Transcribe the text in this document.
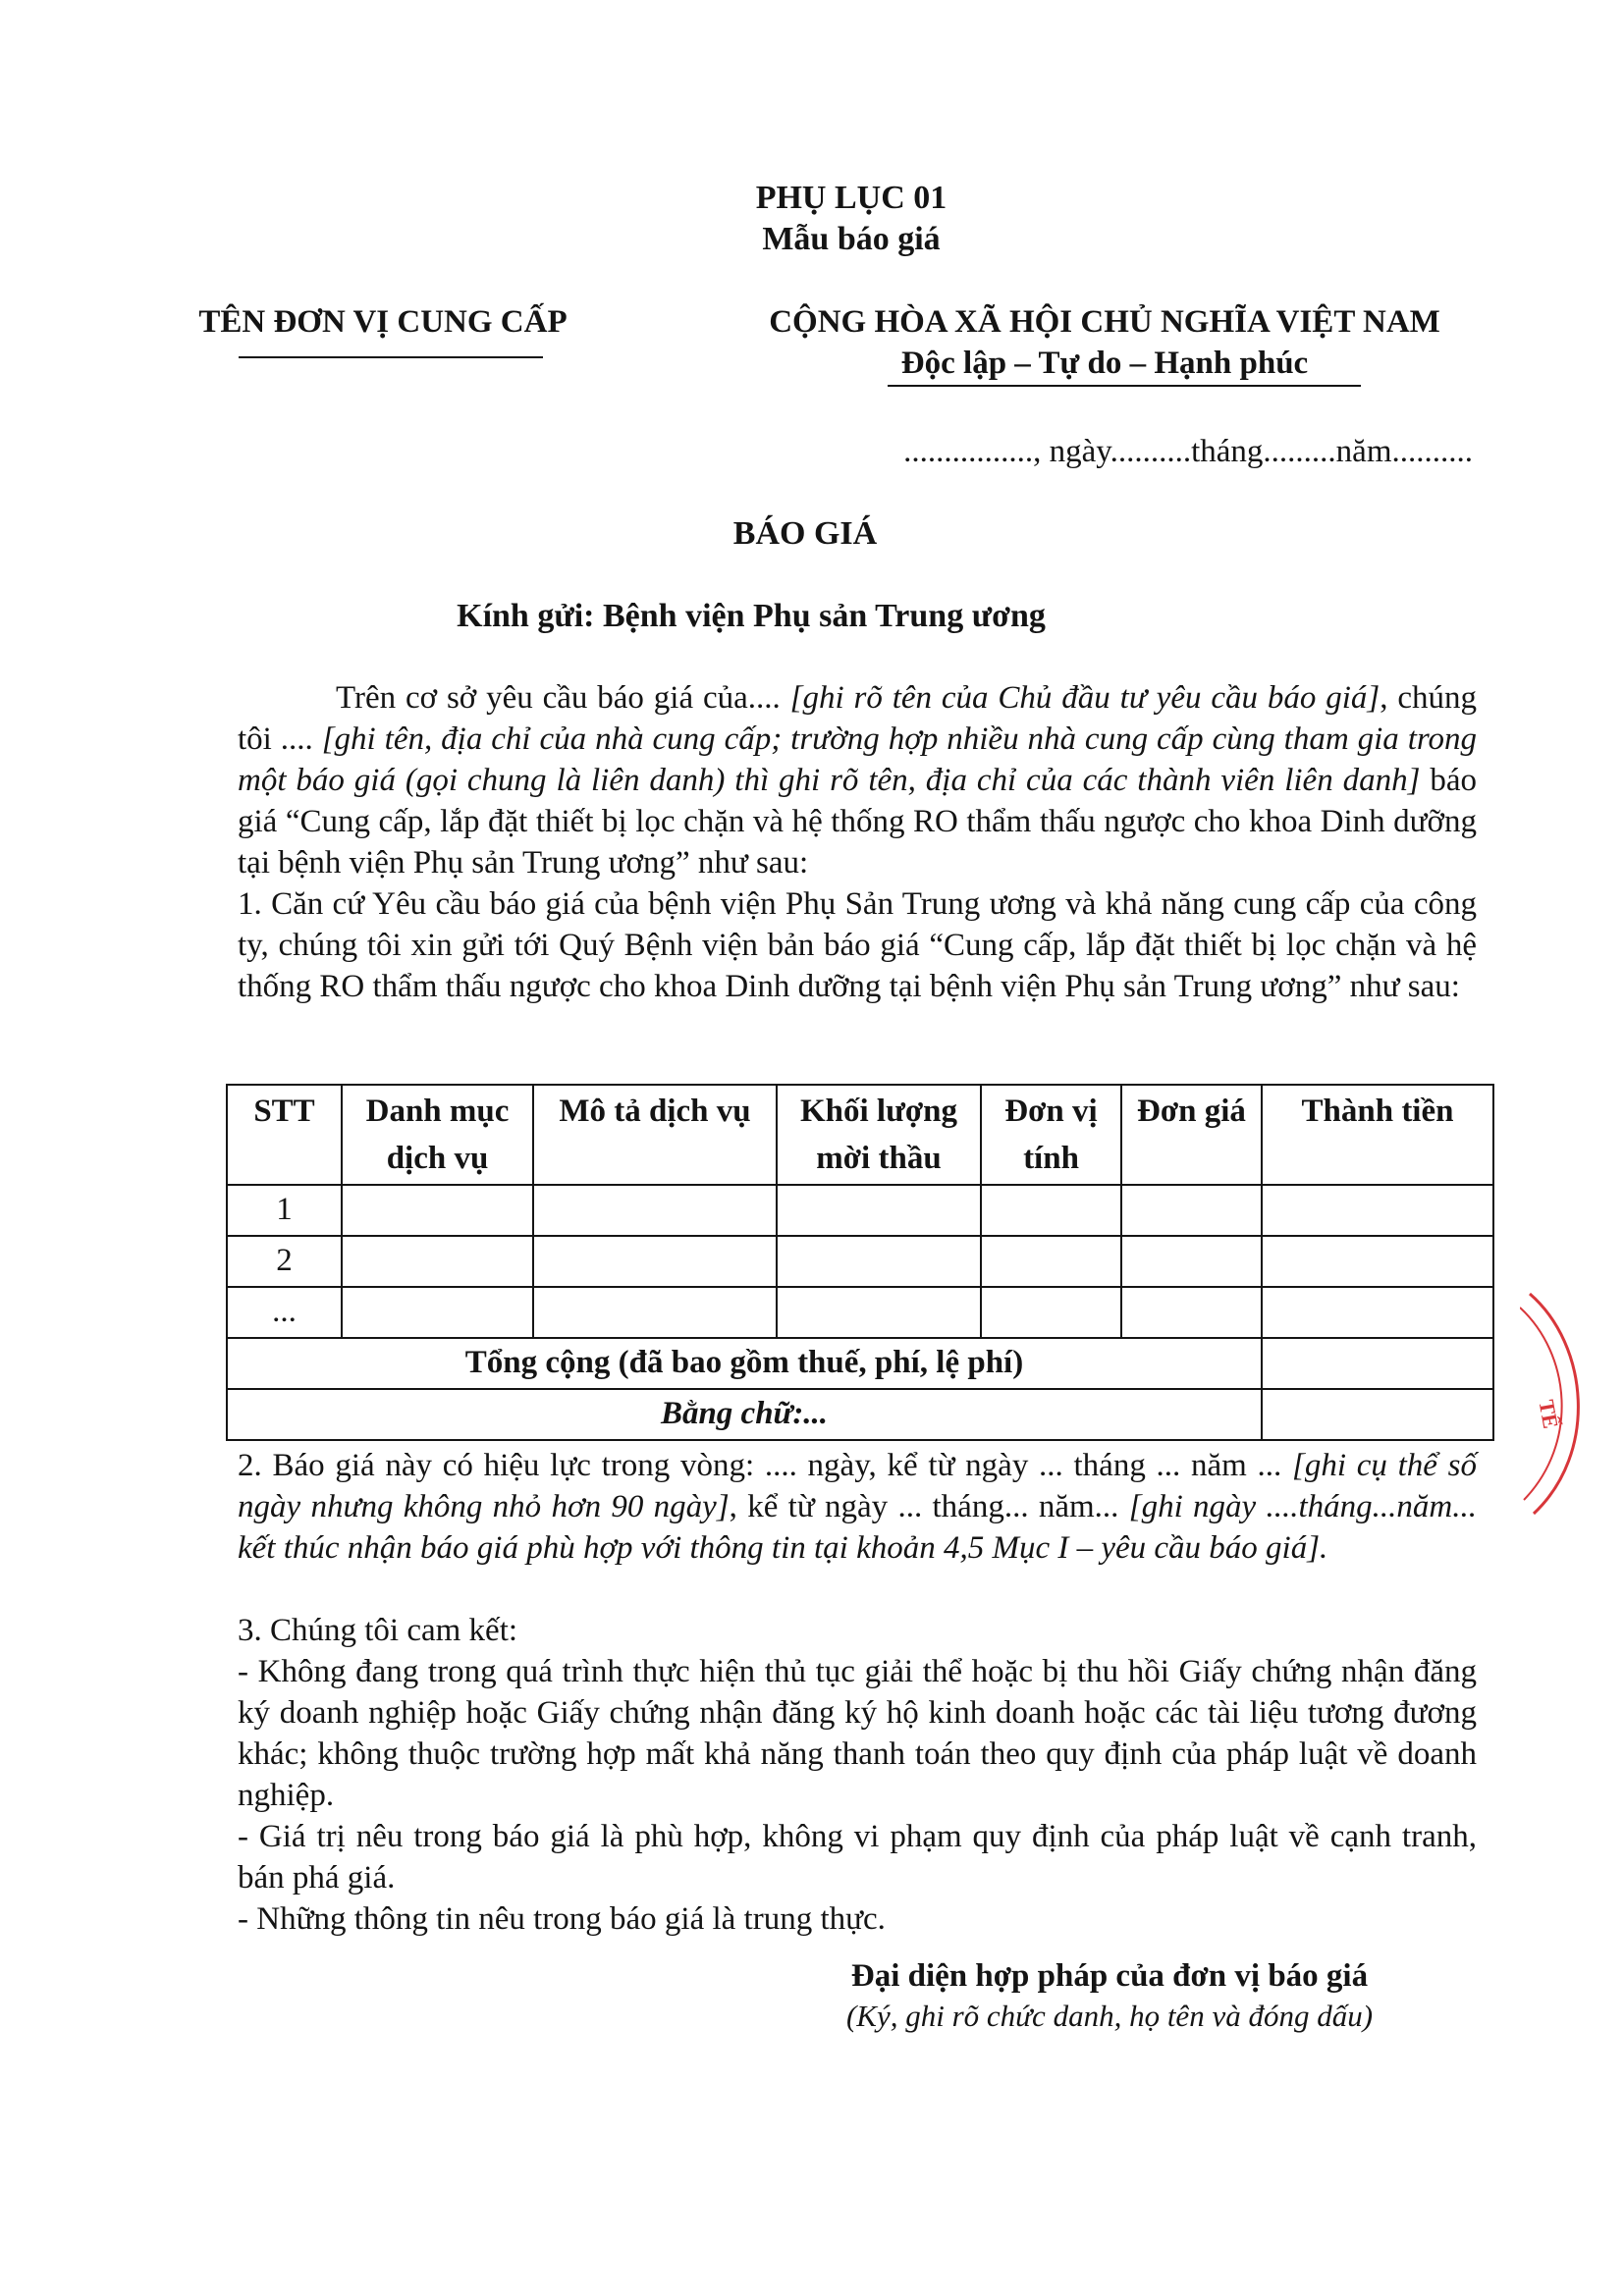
PHỤ LỤC 01
Mẫu báo giá
TÊN ĐƠN VỊ CUNG CẤP	CỘNG HÒA XÃ HỘI CHỦ NGHĨA VIỆT NAM
Độc lập – Tự do – Hạnh phúc
................, ngày..........tháng.........năm..........
BÁO GIÁ
Kính gửi: Bệnh viện Phụ sản Trung ương
Trên cơ sở yêu cầu báo giá của.... [ghi rõ tên của Chủ đầu tư yêu cầu báo giá], chúng tôi .... [ghi tên, địa chỉ của nhà cung cấp; trường hợp nhiều nhà cung cấp cùng tham gia trong một báo giá (gọi chung là liên danh) thì ghi rõ tên, địa chỉ của các thành viên liên danh] báo giá “Cung cấp, lắp đặt thiết bị lọc chặn và hệ thống RO thẩm thấu ngược cho khoa Dinh dưỡng tại bệnh viện Phụ sản Trung ương” như sau:
1. Căn cứ Yêu cầu báo giá của bệnh viện Phụ Sản Trung ương và khả năng cung cấp của công ty, chúng tôi xin gửi tới Quý Bệnh viện bản báo giá “Cung cấp, lắp đặt thiết bị lọc chặn và hệ thống RO thẩm thấu ngược cho khoa Dinh dưỡng tại bệnh viện Phụ sản Trung ương” như sau:
STT	Danh mục dịch vụ	Mô tả dịch vụ	Khối lượng mời thầu	Đơn vị tính	Đơn giá	Thành tiền
1						
2						
...						
Tổng cộng (đã bao gồm thuế, phí, lệ phí)						
Bằng chữ:...						
2. Báo giá này có hiệu lực trong vòng: .... ngày, kể từ ngày ... tháng ... năm ... [ghi cụ thể số ngày nhưng không nhỏ hơn 90 ngày], kể từ ngày ... tháng... năm... [ghi ngày ....tháng...năm... kết thúc nhận báo giá phù hợp với thông tin tại khoản 4,5 Mục I – yêu cầu báo giá].
3. Chúng tôi cam kết:
- Không đang trong quá trình thực hiện thủ tục giải thể hoặc bị thu hồi Giấy chứng nhận đăng ký doanh nghiệp hoặc Giấy chứng nhận đăng ký hộ kinh doanh hoặc các tài liệu tương đương khác; không thuộc trường hợp mất khả năng thanh toán theo quy định của pháp luật về doanh nghiệp.
- Giá trị nêu trong báo giá là phù hợp, không vi phạm quy định của pháp luật về cạnh tranh, bán phá giá.
- Những thông tin nêu trong báo giá là trung thực.
Đại diện hợp pháp của đơn vị báo giá
(Ký, ghi rõ chức danh, họ tên và đóng dấu)
TẾ
